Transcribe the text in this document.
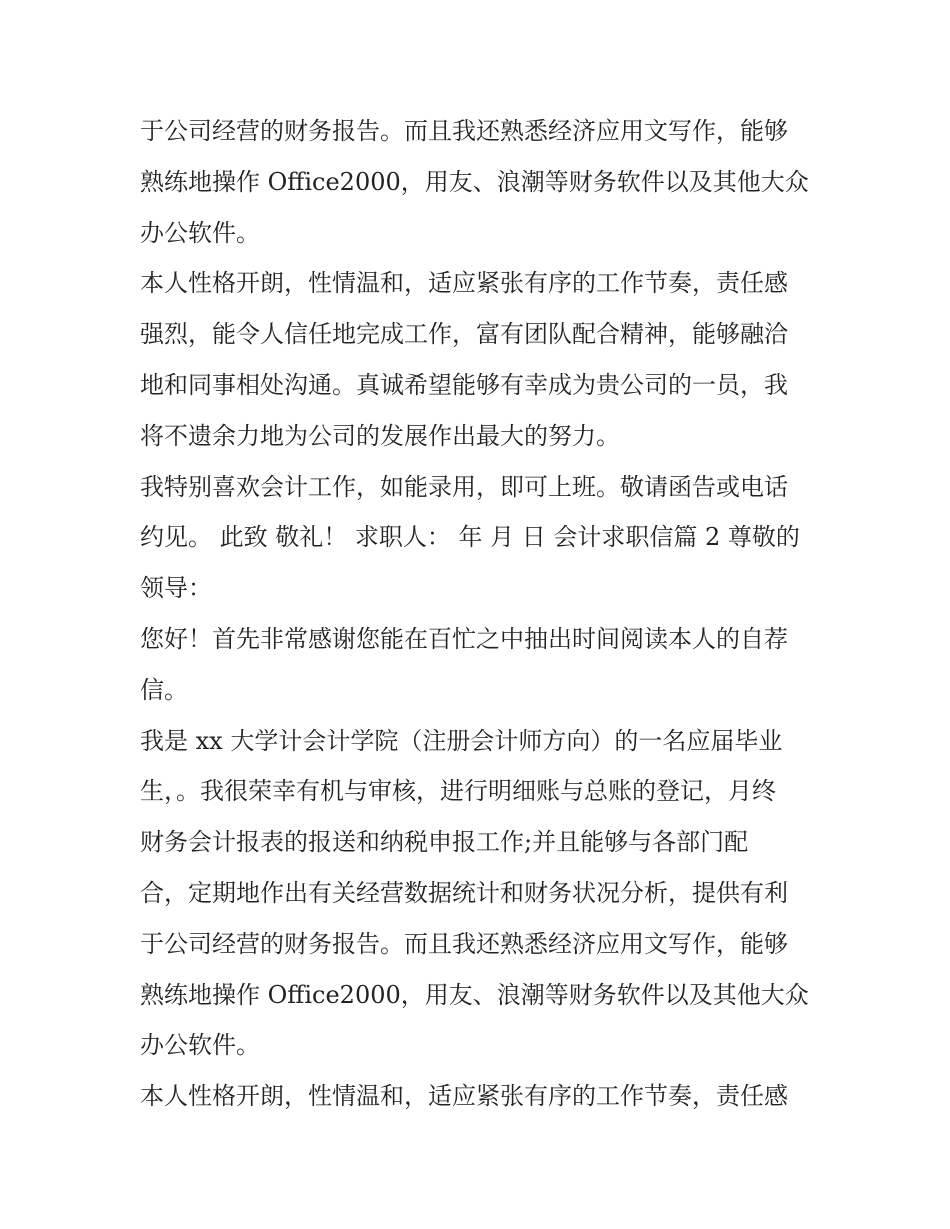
于公司经营的财务报告。而且我还熟悉经济应用文写作，能够
熟练地操作 Office2000，用友、浪潮等财务软件以及其他大众
办公软件。
本人性格开朗，性情温和，适应紧张有序的工作节奏，责任感
强烈，能令人信任地完成工作，富有团队配合精神，能够融洽
地和同事相处沟通。真诚希望能够有幸成为贵公司的一员，我
将不遗余力地为公司的发展作出最大的努力。
我特别喜欢会计工作，如能录用，即可上班。敬请函告或电话
约见。 此致 敬礼！ 求职人： 年 月 日 会计求职信篇 2 尊敬的
领导：
您好！首先非常感谢您能在百忙之中抽出时间阅读本人的自荐
信。
我是 xx 大学计会计学院（注册会计师方向）的一名应届毕业
生，。我很荣幸有机与审核，进行明细账与总账的登记，月终
财务会计报表的报送和纳税申报工作;并且能够与各部门配
合，定期地作出有关经营数据统计和财务状况分析，提供有利
于公司经营的财务报告。而且我还熟悉经济应用文写作，能够
熟练地操作 Office2000，用友、浪潮等财务软件以及其他大众
办公软件。
本人性格开朗，性情温和，适应紧张有序的工作节奏，责任感
